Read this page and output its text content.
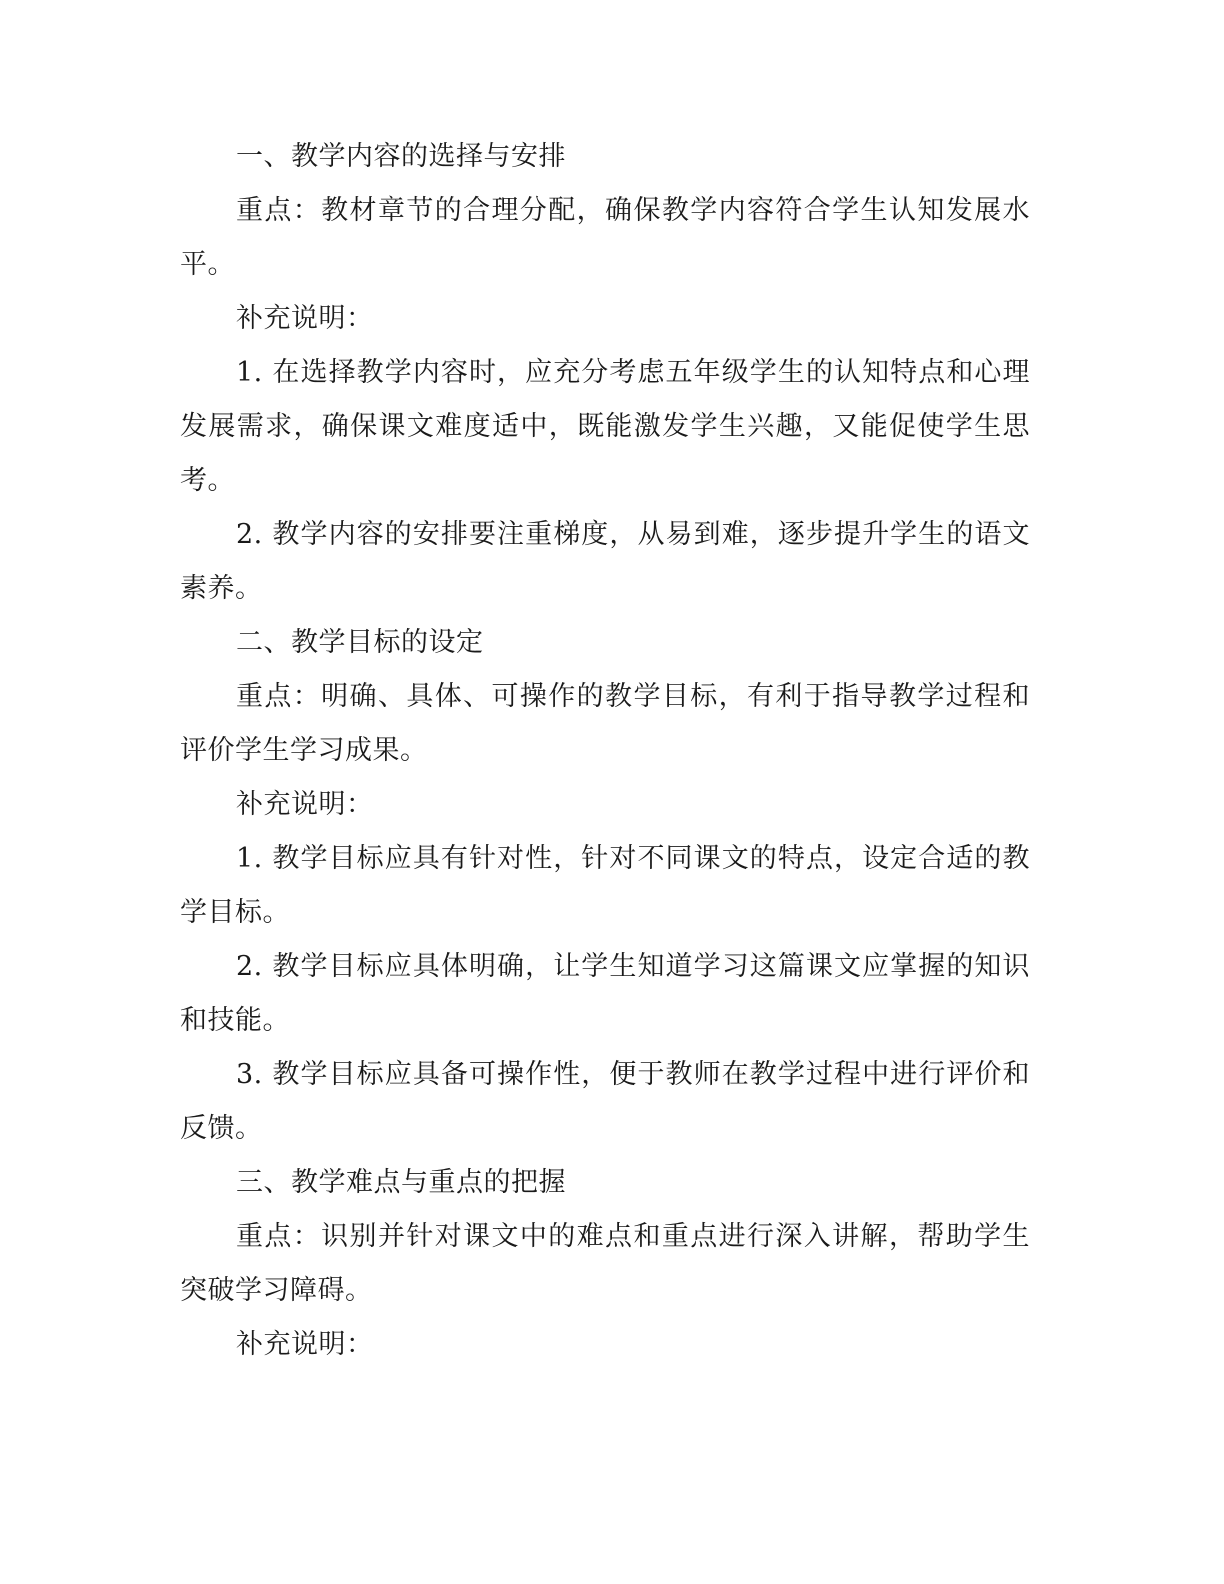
一、教学内容的选择与安排

重点：教材章节的合理分配，确保教学内容符合学生认知发展水平。

补充说明：

1. 在选择教学内容时，应充分考虑五年级学生的认知特点和心理发展需求，确保课文难度适中，既能激发学生兴趣，又能促使学生思考。

2. 教学内容的安排要注重梯度，从易到难，逐步提升学生的语文素养。

二、教学目标的设定

重点：明确、具体、可操作的教学目标，有利于指导教学过程和评价学生学习成果。

补充说明：

1. 教学目标应具有针对性，针对不同课文的特点，设定合适的教学目标。

2. 教学目标应具体明确，让学生知道学习这篇课文应掌握的知识和技能。

3. 教学目标应具备可操作性，便于教师在教学过程中进行评价和反馈。

三、教学难点与重点的把握

重点：识别并针对课文中的难点和重点进行深入讲解，帮助学生突破学习障碍。

补充说明：
